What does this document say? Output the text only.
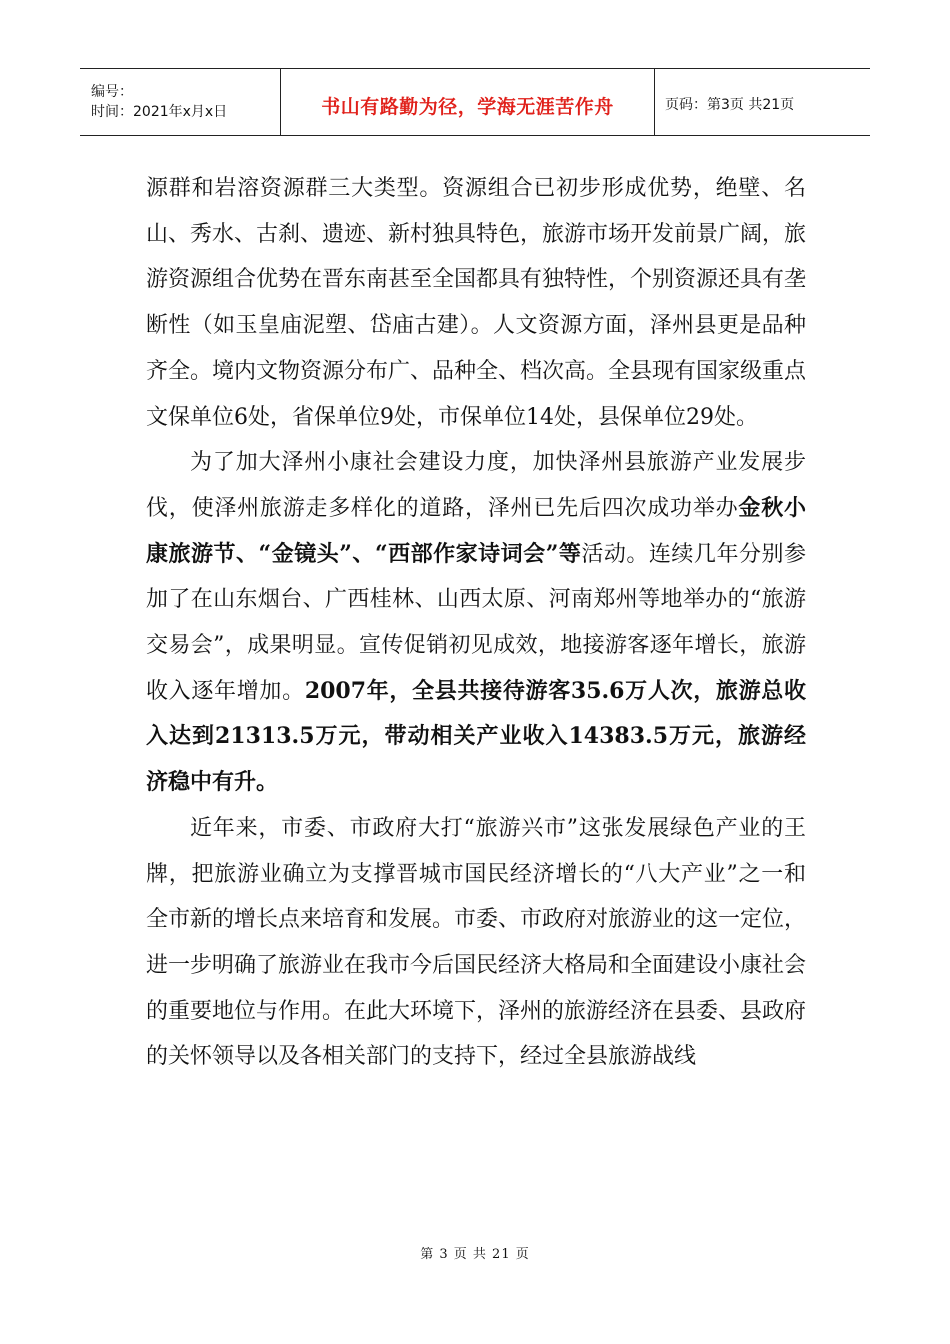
编号：
时间：2021年x月x日	书山有路勤为径，学海无涯苦作舟	页码：第3页 共21页

源群和岩溶资源群三大类型。资源组合已初步形成优势，绝壁、名山、秀水、古刹、遗迹、新村独具特色，旅游市场开发前景广阔，旅游资源组合优势在晋东南甚至全国都具有独特性，个别资源还具有垄断性（如玉皇庙泥塑、岱庙古建）。人文资源方面，泽州县更是品种齐全。境内文物资源分布广、品种全、档次高。全县现有国家级重点文保单位6处，省保单位9处，市保单位14处，县保单位29处。

为了加大泽州小康社会建设力度，加快泽州县旅游产业发展步伐，使泽州旅游走多样化的道路，泽州已先后四次成功举办金秋小康旅游节、“金镜头”、“西部作家诗词会”等活动。连续几年分别参加了在山东烟台、广西桂林、山西太原、河南郑州等地举办的“旅游交易会”，成果明显。宣传促销初见成效，地接游客逐年增长，旅游收入逐年增加。2007年，全县共接待游客35.6万人次，旅游总收入达到21313.5万元，带动相关产业收入14383.5万元，旅游经济稳中有升。

近年来，市委、市政府大打“旅游兴市”这张发展绿色产业的王牌，把旅游业确立为支撑晋城市国民经济增长的“八大产业”之一和全市新的增长点来培育和发展。市委、市政府对旅游业的这一定位，进一步明确了旅游业在我市今后国民经济大格局和全面建设小康社会的重要地位与作用。在此大环境下，泽州的旅游经济在县委、县政府的关怀领导以及各相关部门的支持下，经过全县旅游战线

第 3 页 共 21 页
